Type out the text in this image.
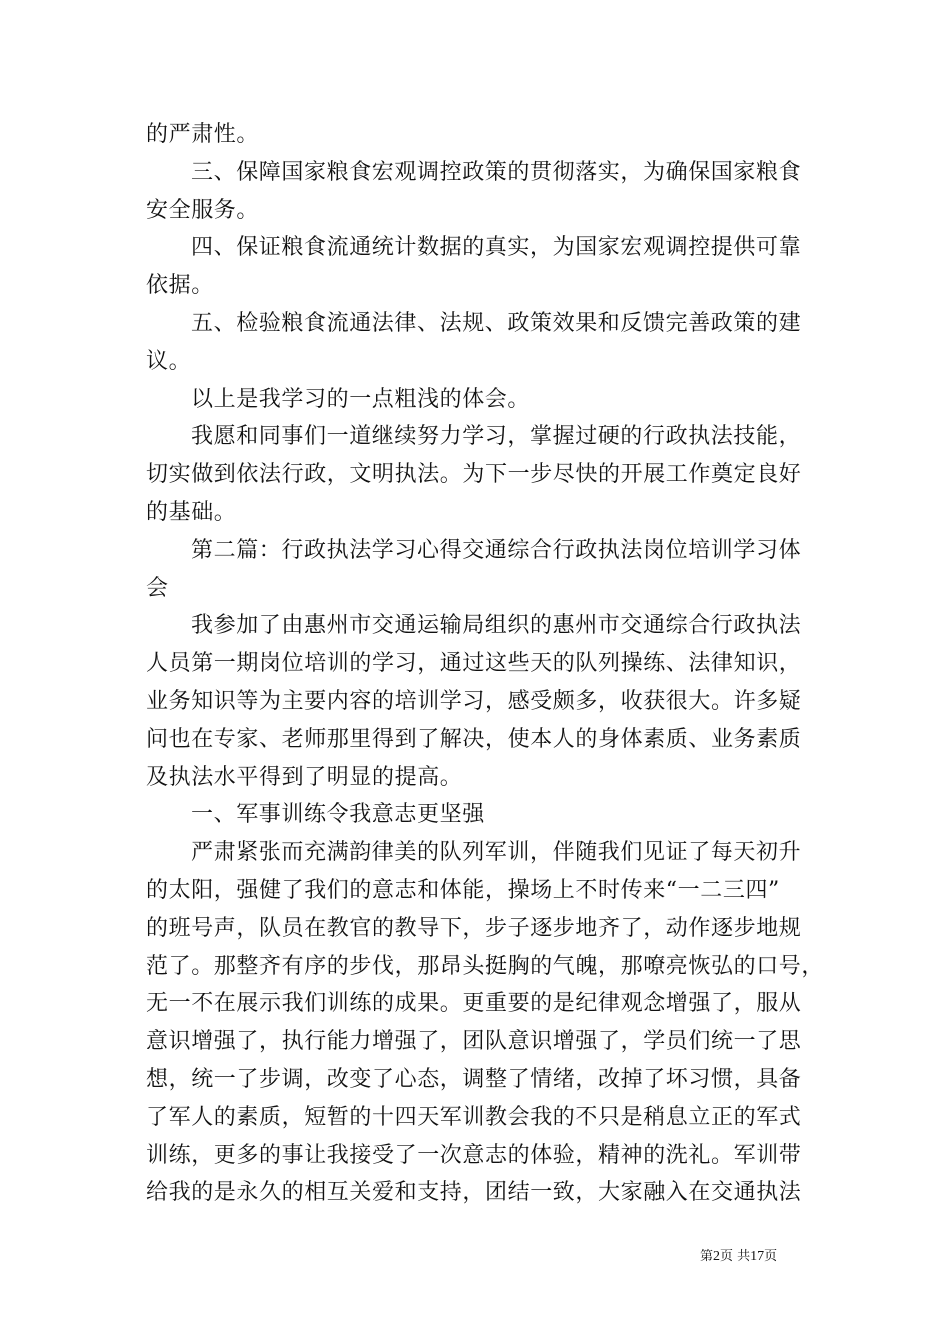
的严肃性。
三、保障国家粮食宏观调控政策的贯彻落实，为确保国家粮食
安全服务。
四、保证粮食流通统计数据的真实，为国家宏观调控提供可靠
依据。
五、检验粮食流通法律、法规、政策效果和反馈完善政策的建
议。
以上是我学习的一点粗浅的体会。
我愿和同事们一道继续努力学习，掌握过硬的行政执法技能，
切实做到依法行政，文明执法。为下一步尽快的开展工作奠定良好
的基础。
第二篇：行政执法学习心得交通综合行政执法岗位培训学习体
会
我参加了由惠州市交通运输局组织的惠州市交通综合行政执法
人员第一期岗位培训的学习，通过这些天的队列操练、法律知识，
业务知识等为主要内容的培训学习，感受颇多，收获很大。许多疑
问也在专家、老师那里得到了解决，使本人的身体素质、业务素质
及执法水平得到了明显的提高。
一、军事训练令我意志更坚强
严肃紧张而充满韵律美的队列军训，伴随我们见证了每天初升
的太阳，强健了我们的意志和体能，操场上不时传来“一二三四”
的班号声，队员在教官的教导下，步子逐步地齐了，动作逐步地规
范了。那整齐有序的步伐，那昂头挺胸的气魄，那嘹亮恢弘的口号，
无一不在展示我们训练的成果。更重要的是纪律观念增强了，服从
意识增强了，执行能力增强了，团队意识增强了，学员们统一了思
想，统一了步调，改变了心态，调整了情绪，改掉了坏习惯，具备
了军人的素质，短暂的十四天军训教会我的不只是稍息立正的军式
训练，更多的事让我接受了一次意志的体验，精神的洗礼。军训带
给我的是永久的相互关爱和支持，团结一致，大家融入在交通执法
第2页 共17页
